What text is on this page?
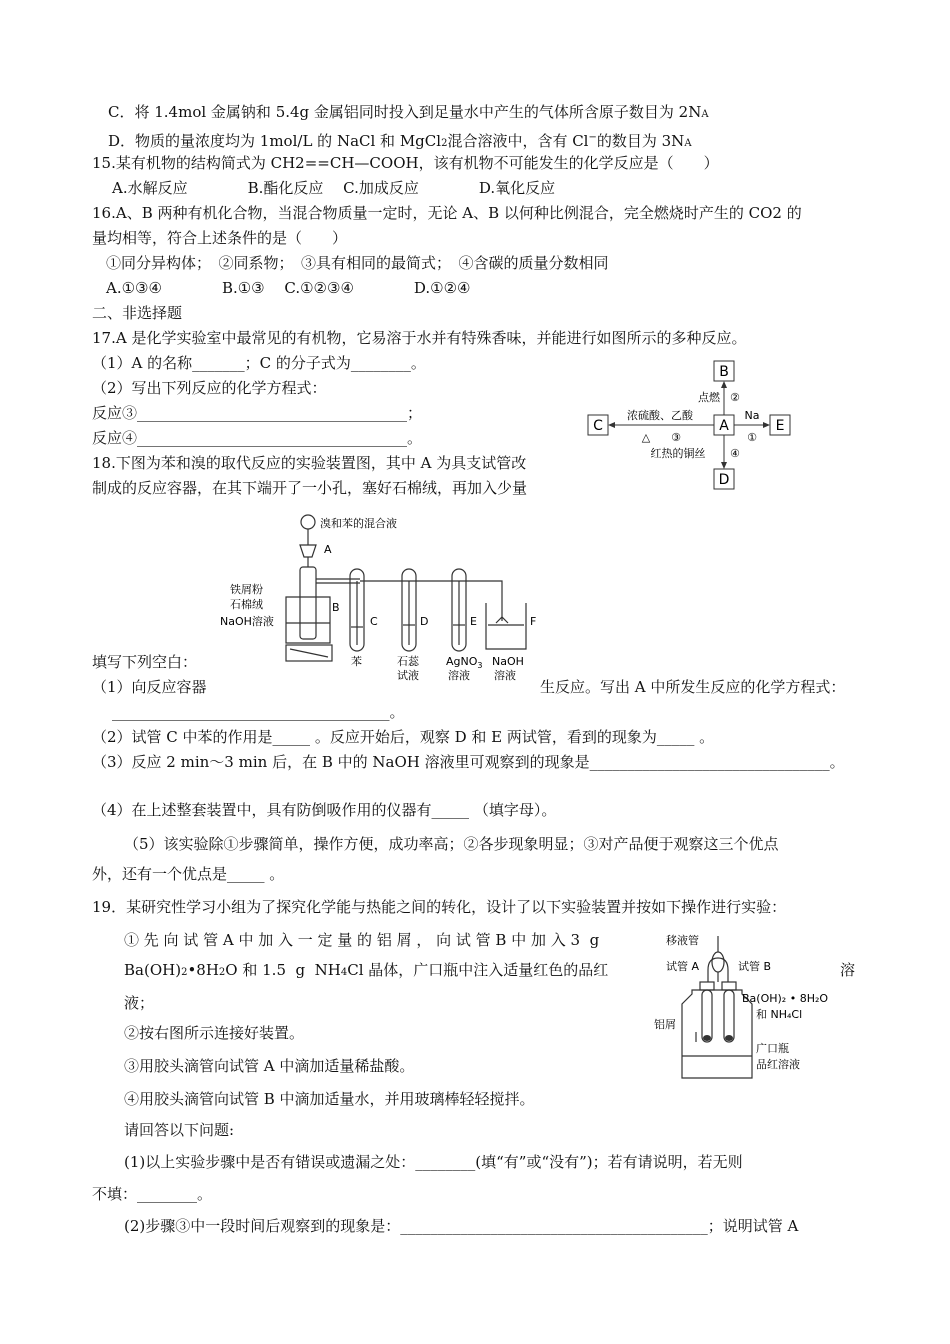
C．将 1.4mol 金属钠和 5.4g 金属铝同时投入到足量水中产生的气体所含原子数目为 2NA
D．物质的量浓度均为 1mol/L 的 NaCl 和 MgCl2混合溶液中，含有 Cl−的数目为 3NA
15.某有机物的结构简式为 CH2==CH—COOH，该有机物不可能发生的化学反应是（　　）
A.水解反应　　　　B.酯化反应　 C.加成反应　　　　D.氧化反应
16.A、B 两种有机化合物，当混合物质量一定时，无论 A、B 以何种比例混合，完全燃烧时产生的 CO2 的
量均相等，符合上述条件的是（　　）
①同分异构体；　②同系物；　③具有相同的最简式；　④含碳的质量分数相同
A.①③④　　　　B.①③　 C.①②③④　　　　D.①②④
二、非选择题
17.A 是化学实验室中最常见的有机物，它易溶于水并有特殊香味，并能进行如图所示的多种反应。
（1）A 的名称_______；C 的分子式为________。
（2）写出下列反应的化学方程式：
反应③____________________________________；
反应④____________________________________。
B
A
C	E
D
点燃 ②
浓硫酸、乙酸
△ ③
Na
①
红热的铜丝 ④
18.下图为苯和溴的取代反应的实验装置图，其中 A 为具支试管改
制成的反应容器，在其下端开了一小孔，塞好石棉绒，再加入少量
溴和苯的混合液
A
B
C	D	E	F
铁屑粉
石棉绒
NaOH溶液
苯	石蕊
试液
AgNO$_3$
溶液
NaOH
溶液
填写下列空白：
（1）向反应容器	生反应。写出 A 中所发生反应的化学方程式：
_____________________________________。
（2）试管 C 中苯的作用是_____ 。反应开始后，观察 D 和 E 两试管，看到的现象为_____ 。
（3）反应 2 min～3 min 后，在 B 中的 NaOH 溶液里可观察到的现象是________________________________。
（4）在上述整套装置中，具有防倒吸作用的仪器有_____ （填字母）。
（5）该实验除①步骤简单，操作方便，成功率高；②各步现象明显；③对产品便于观察这三个优点
外，还有一个优点是_____ 。
19．某研究性学习小组为了探究化学能与热能之间的转化，设计了以下实验装置并按如下操作进行实验：
① 先 向 试 管 A 中 加 入 一 定 量 的 铝 屑 ， 向 试 管 B 中 加 入 3  g
Ba(OH)2•8H2O 和 1.5  g  NH4Cl 晶体，广口瓶中注入适量红色的品红	溶
液；
②按右图所示连接好装置。
③用胶头滴管向试管 A 中滴加适量稀盐酸。
④用胶头滴管向试管 B 中滴加适量水，并用玻璃棒轻轻搅拌。
请回答以下问题:
(1)以上实验步骤中是否有错误或遗漏之处：________(填“有”或“没有”)；若有请说明，若无则
不填：________。
(2)步骤③中一段时间后观察到的现象是：_________________________________________；说明试管 A
移液管
试管 A	试管 B
Ba(OH)₂ • 8H₂O
和 NH₄Cl
铝屑
广口瓶
品红溶液
